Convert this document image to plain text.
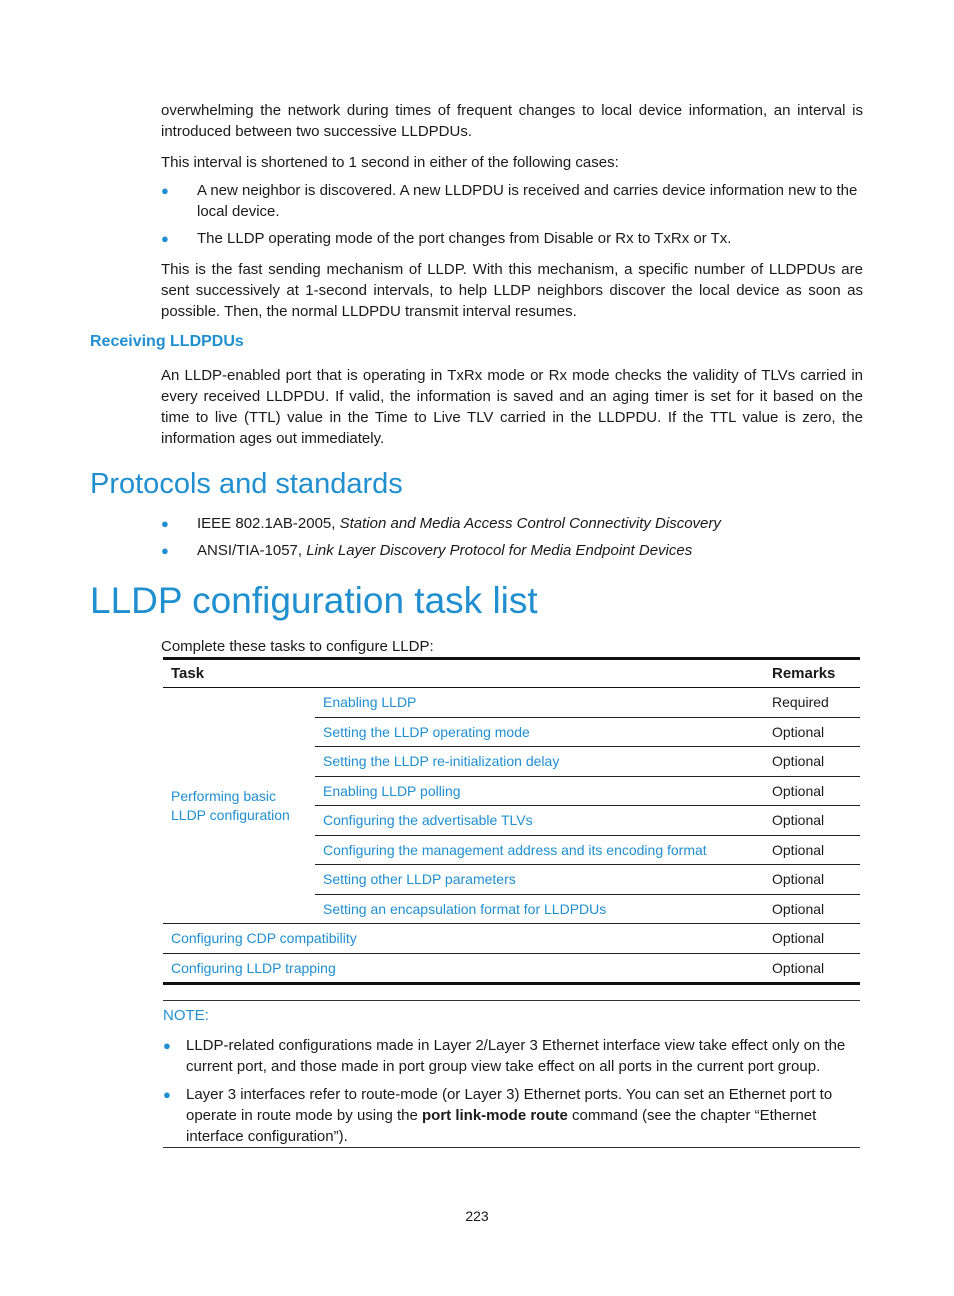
overwhelming the network during times of frequent changes to local device information, an interval is introduced between two successive LLDPDUs.

This interval is shortened to 1 second in either of the following cases:

● A new neighbor is discovered. A new LLDPDU is received and carries device information new to the local device.
● The LLDP operating mode of the port changes from Disable or Rx to TxRx or Tx.

This is the fast sending mechanism of LLDP. With this mechanism, a specific number of LLDPDUs are sent successively at 1-second intervals, to help LLDP neighbors discover the local device as soon as possible. Then, the normal LLDPDU transmit interval resumes.

Receiving LLDPDUs

An LLDP-enabled port that is operating in TxRx mode or Rx mode checks the validity of TLVs carried in every received LLDPDU. If valid, the information is saved and an aging timer is set for it based on the time to live (TTL) value in the Time to Live TLV carried in the LLDPDU. If the TTL value is zero, the information ages out immediately.

Protocols and standards
● IEEE 802.1AB-2005, Station and Media Access Control Connectivity Discovery
● ANSI/TIA-1057, Link Layer Discovery Protocol for Media Endpoint Devices
LLDP configuration task list

Complete these tasks to configure LLDP:

Task		Remarks
Performing basic LLDP configuration	Enabling LLDP	Required
	Setting the LLDP operating mode	Optional
	Setting the LLDP re-initialization delay	Optional
	Enabling LLDP polling	Optional
	Configuring the advertisable TLVs	Optional
	Configuring the management address and its encoding format	Optional
	Setting other LLDP parameters	Optional
	Setting an encapsulation format for LLDPDUs	Optional
Configuring CDP compatibility		Optional
Configuring LLDP trapping		Optional

NOTE:

● LLDP-related configurations made in Layer 2/Layer 3 Ethernet interface view take effect only on the current port, and those made in port group view take effect on all ports in the current port group.
● Layer 3 interfaces refer to route-mode (or Layer 3) Ethernet ports. You can set an Ethernet port to operate in route mode by using the port link-mode route command (see the chapter “Ethernet interface configuration”).

223
